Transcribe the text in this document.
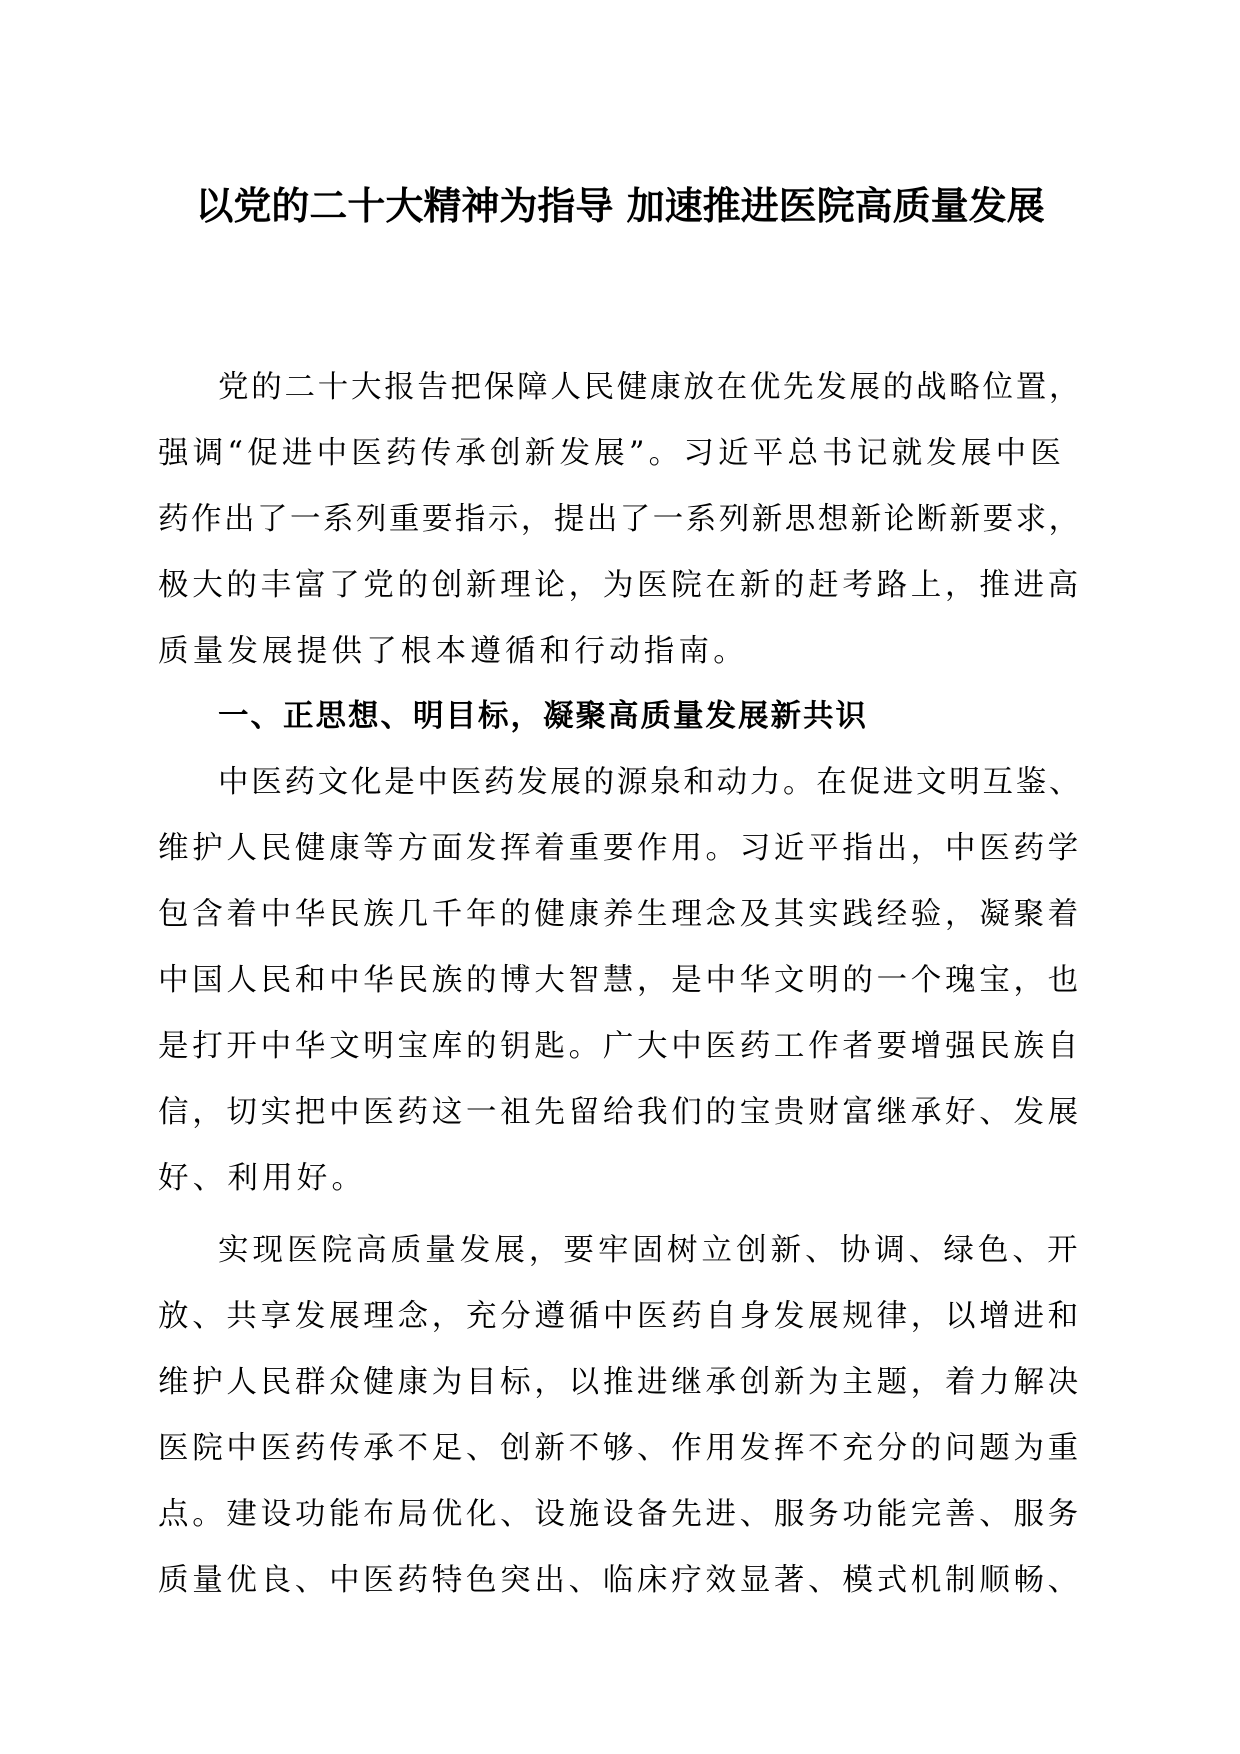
以党的二十大精神为指导 加速推进医院高质量发展
党的二十大报告把保障人民健康放在优先发展的战略位置，
强调“促进中医药传承创新发展”。习近平总书记就发展中医
药作出了一系列重要指示，提出了一系列新思想新论断新要求，
极大的丰富了党的创新理论，为医院在新的赶考路上，推进高
质量发展提供了根本遵循和行动指南。
一、正思想、明目标，凝聚高质量发展新共识
中医药文化是中医药发展的源泉和动力。在促进文明互鉴、
维护人民健康等方面发挥着重要作用。习近平指出，中医药学
包含着中华民族几千年的健康养生理念及其实践经验，凝聚着
中国人民和中华民族的博大智慧，是中华文明的一个瑰宝，也
是打开中华文明宝库的钥匙。广大中医药工作者要增强民族自
信，切实把中医药这一祖先留给我们的宝贵财富继承好、发展
好、利用好。
实现医院高质量发展，要牢固树立创新、协调、绿色、开
放、共享发展理念，充分遵循中医药自身发展规律，以增进和
维护人民群众健康为目标，以推进继承创新为主题，着力解决
医院中医药传承不足、创新不够、作用发挥不充分的问题为重
点。建设功能布局优化、设施设备先进、服务功能完善、服务
质量优良、中医药特色突出、临床疗效显著、模式机制顺畅、
